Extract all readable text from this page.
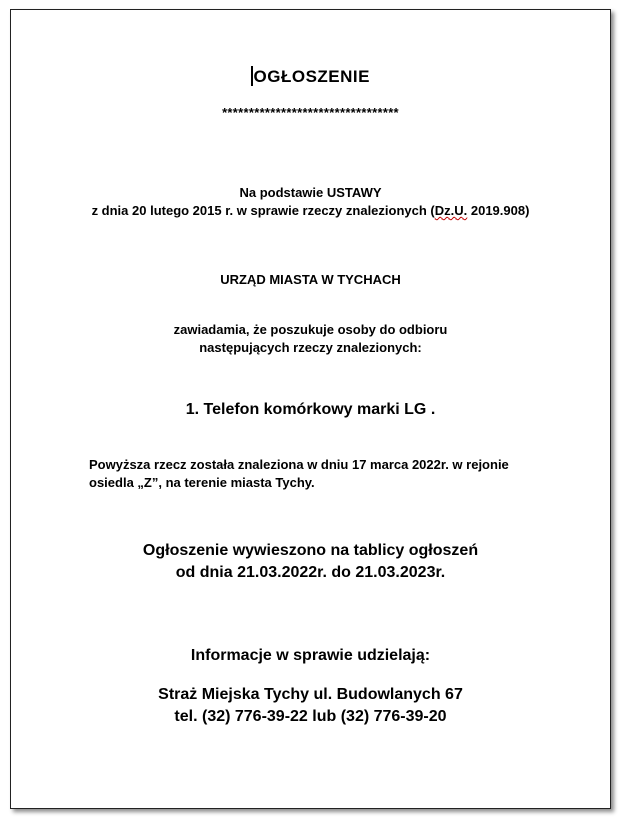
OGŁOSZENIE
*********************************
Na podstawie USTAWY
z dnia 20 lutego 2015 r. w sprawie rzeczy znalezionych (Dz.U. 2019.908)
URZĄD MIASTA W TYCHACH
zawiadamia, że poszukuje osoby do odbioru
następujących rzeczy znalezionych:
1. Telefon komórkowy marki LG .
Powyższa rzecz została znaleziona w dniu 17 marca 2022r. w rejonie
osiedla „Z”, na terenie miasta Tychy.
Ogłoszenie wywieszono na tablicy ogłoszeń
od dnia 21.03.2022r. do 21.03.2023r.
Informacje w sprawie udzielają:
Straż Miejska Tychy ul. Budowlanych 67
tel. (32) 776-39-22 lub (32) 776-39-20
